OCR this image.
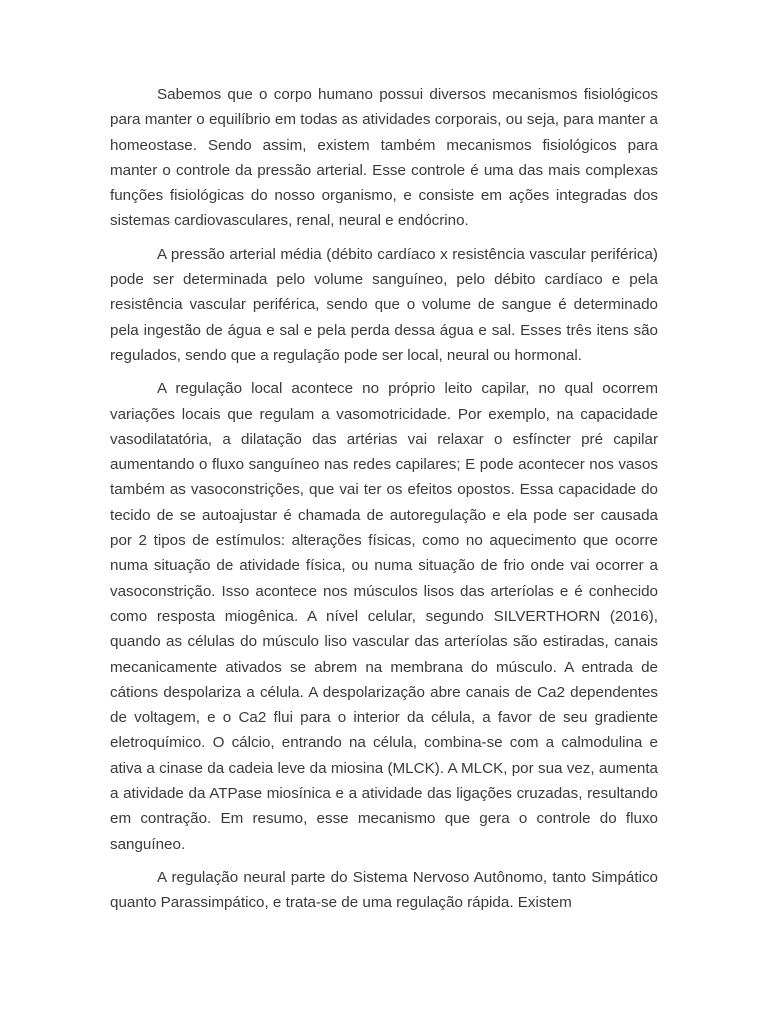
Sabemos que o corpo humano possui diversos mecanismos fisiológicos para manter o equilíbrio em todas as atividades corporais, ou seja, para manter a homeostase. Sendo assim, existem também mecanismos fisiológicos para manter o controle da pressão arterial. Esse controle é uma das mais complexas funções fisiológicas do nosso organismo, e consiste em ações integradas dos sistemas cardiovasculares, renal, neural e endócrino.

A pressão arterial média (débito cardíaco x resistência vascular periférica) pode ser determinada pelo volume sanguíneo, pelo débito cardíaco e pela resistência vascular periférica, sendo que o volume de sangue é determinado pela ingestão de água e sal e pela perda dessa água e sal. Esses três itens são regulados, sendo que a regulação pode ser local, neural ou hormonal.

A regulação local acontece no próprio leito capilar, no qual ocorrem variações locais que regulam a vasomotricidade. Por exemplo, na capacidade vasodilatatória, a dilatação das artérias vai relaxar o esfíncter pré capilar aumentando o fluxo sanguíneo nas redes capilares; E pode acontecer nos vasos também as vasoconstrições, que vai ter os efeitos opostos. Essa capacidade do tecido de se autoajustar é chamada de autoregulação e ela pode ser causada por 2 tipos de estímulos: alterações físicas, como no aquecimento que ocorre numa situação de atividade física, ou numa situação de frio onde vai ocorrer a vasoconstrição. Isso acontece nos músculos lisos das arteríolas e é conhecido como resposta miogênica. A nível celular, segundo SILVERTHORN (2016), quando as células do músculo liso vascular das arteríolas são estiradas, canais mecanicamente ativados se abrem na membrana do músculo. A entrada de cátions despolariza a célula. A despolarização abre canais de Ca2 dependentes de voltagem, e o Ca2 flui para o interior da célula, a favor de seu gradiente eletroquímico. O cálcio, entrando na célula, combina-se com a calmodulina e ativa a cinase da cadeia leve da miosina (MLCK). A MLCK, por sua vez, aumenta a atividade da ATPase miosínica e a atividade das ligações cruzadas, resultando em contração. Em resumo, esse mecanismo que gera o controle do fluxo sanguíneo.

A regulação neural parte do Sistema Nervoso Autônomo, tanto Simpático quanto Parassimpático, e trata-se de uma regulação rápida. Existem
